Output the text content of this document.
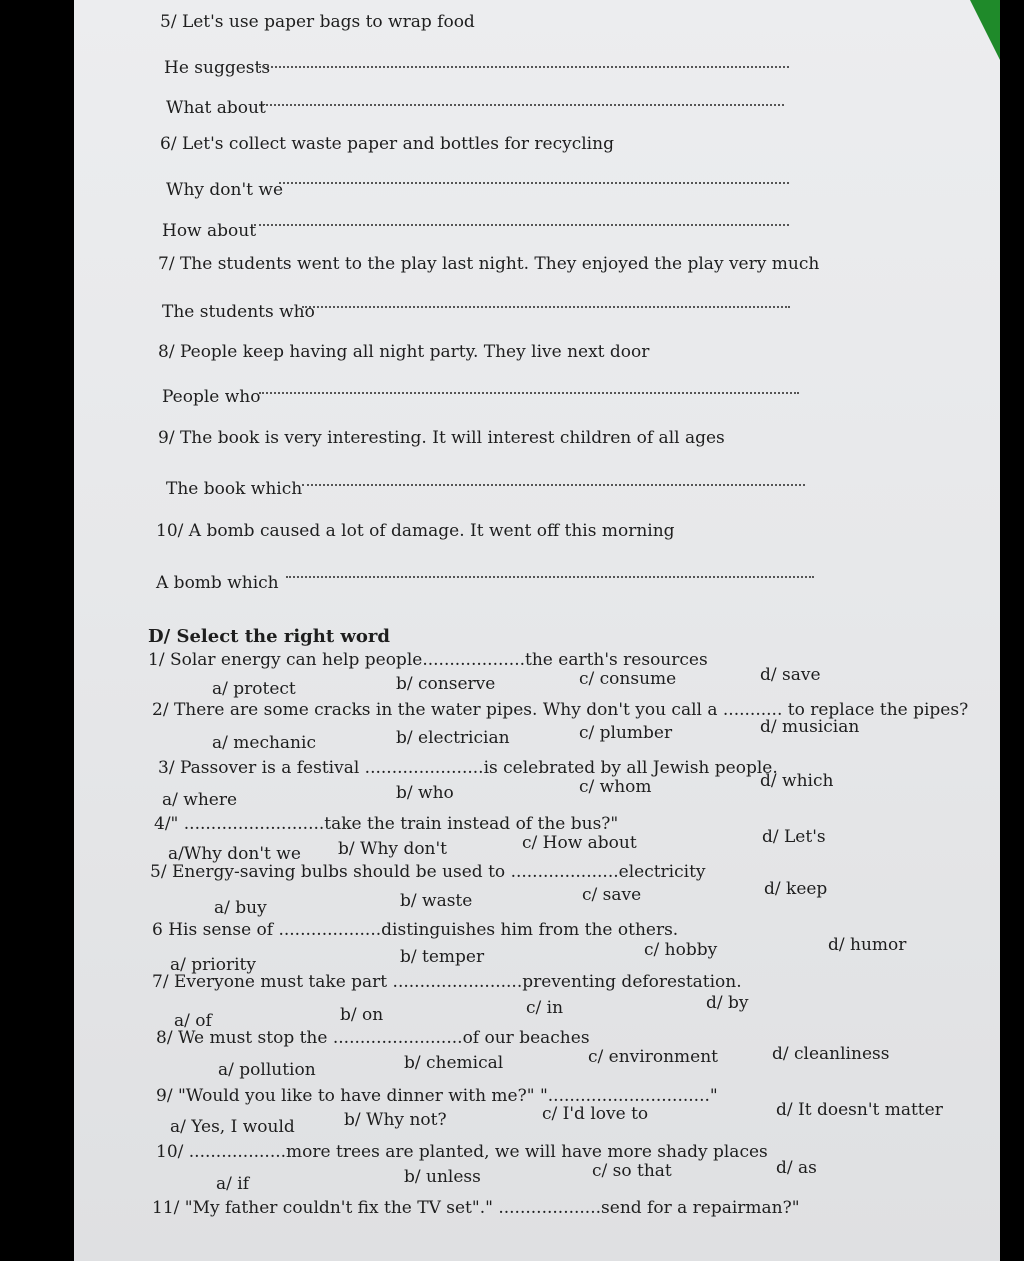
5/ Let's use paper bags to wrap food
He suggests
What about
6/ Let's collect waste paper and bottles for recycling
Why don't we
How about
7/ The students went to the play last night. They enjoyed the play very much
The students who
8/ People keep having all night party. They live next door
People who
9/ The book is very interesting. It will interest children of all ages
The book which
10/ A bomb caused a lot of damage. It went off this morning
A bomb which
D/ Select the right word
1/ Solar energy can help people...................the earth's resources
a/ protect	b/ conserve	c/ consume	d/ save
2/ There are some cracks in the water pipes. Why don't you call a ........... to replace the pipes?
a/ mechanic	b/ electrician	c/ plumber	d/ musician
3/ Passover is a festival ......................is celebrated by all Jewish people.
a/ where	b/ who	c/ whom	d/ which
4/" ..........................take the train instead of the bus?"
a/Why don't we b/ Why don't	c/ How about	d/ Let's
5/ Energy-saving bulbs should be used to ....................electricity
a/ buy	b/ waste	c/ save	d/ keep
6 His sense of ...................distinguishes him from the others.
a/ priority	b/ temper	c/ hobby	d/ humor
7/ Everyone must take part ........................preventing deforestation.
a/ of	b/ on	c/ in	d/ by
8/ We must stop the ........................of our beaches
a/ pollution	b/ chemical	c/ environment	d/ cleanliness
9/ "Would you like to have dinner with me?" ".............................."
a/ Yes, I would	b/ Why not?	c/ I'd love to	d/ It doesn't matter
10/ ..................more trees are planted, we will have more shady places
a/ if	b/ unless	c/ so that	d/ as
11/ "My father couldn't fix the TV set"." ...................send for a repairman?"
